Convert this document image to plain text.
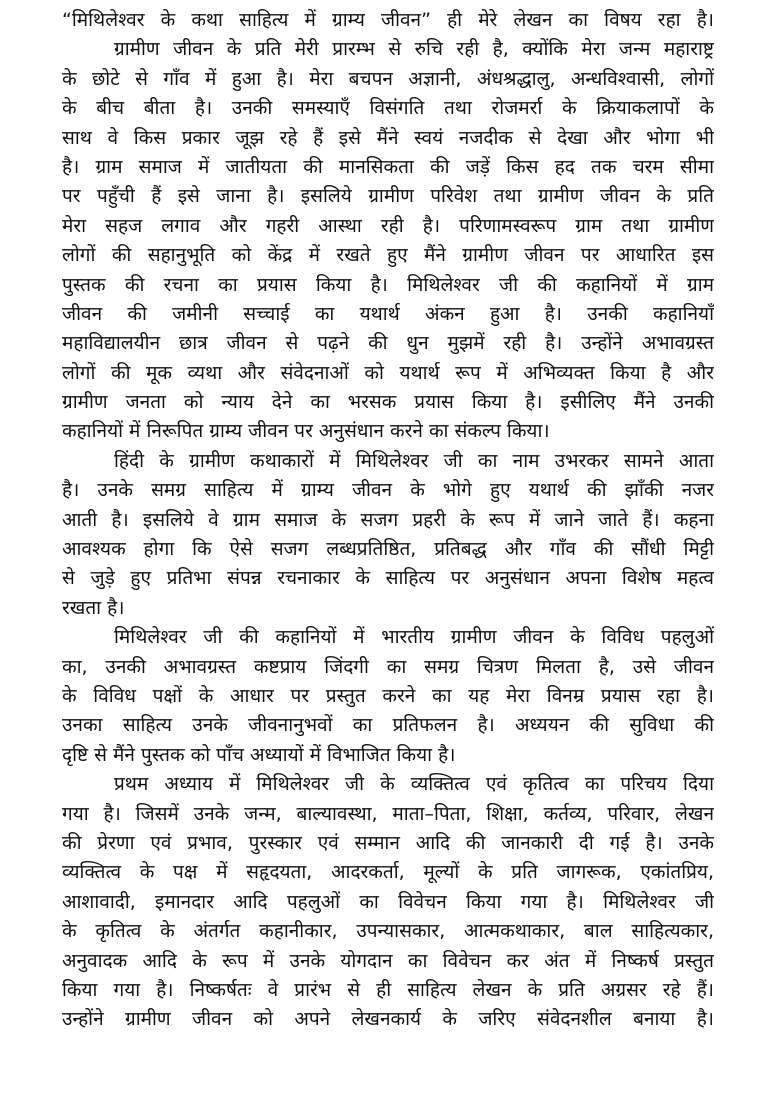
“मिथिलेश्वर के कथा साहित्य में ग्राम्य जीवन” ही मेरे लेखन का विषय रहा है।
ग्रामीण जीवन के प्रति मेरी प्रारम्भ से रुचि रही है, क्योंकि मेरा जन्म महाराष्ट्र
के छोटे से गाँव में हुआ है। मेरा बचपन अज्ञानी, अंधश्रद्धालु, अन्धविश्वासी, लोगों
के बीच बीता है। उनकी समस्याएँ विसंगति तथा रोजमर्रा के क्रियाकलापों के
साथ वे किस प्रकार जूझ रहे हैं इसे मैंने स्वयं नजदीक से देखा और भोगा भी
है। ग्राम समाज में जातीयता की मानसिकता की जड़ें किस हद तक चरम सीमा
पर पहुँची हैं इसे जाना है। इसलिये ग्रामीण परिवेश तथा ग्रामीण जीवन के प्रति
मेरा सहज लगाव और गहरी आस्था रही है। परिणामस्वरूप ग्राम तथा ग्रामीण
लोगों की सहानुभूति को केंद्र में रखते हुए मैंने ग्रामीण जीवन पर आधारित इस
पुस्तक की रचना का प्रयास किया है। मिथिलेश्वर जी की कहानियों में ग्राम
जीवन की जमीनी सच्चाई का यथार्थ अंकन हुआ है। उनकी कहानियाँ
महाविद्यालयीन छात्र जीवन से पढ़ने की धुन मुझमें रही है। उन्होंने अभावग्रस्त
लोगों की मूक व्यथा और संवेदनाओं को यथार्थ रूप में अभिव्यक्त किया है और
ग्रामीण जनता को न्याय देने का भरसक प्रयास किया है। इसीलिए मैंने उनकी
कहानियों में निरूपित ग्राम्य जीवन पर अनुसंधान करने का संकल्प किया।
हिंदी के ग्रामीण कथाकारों में मिथिलेश्वर जी का नाम उभरकर सामने आता
है। उनके समग्र साहित्य में ग्राम्य जीवन के भोगे हुए यथार्थ की झाँकी नजर
आती है। इसलिये वे ग्राम समाज के सजग प्रहरी के रूप में जाने जाते हैं। कहना
आवश्यक होगा कि ऐसे सजग लब्धप्रतिष्ठित, प्रतिबद्ध और गाँव की सौंधी मिट्टी
से जुड़े हुए प्रतिभा संपन्न रचनाकार के साहित्य पर अनुसंधान अपना विशेष महत्व
रखता है।
मिथिलेश्वर जी की कहानियों में भारतीय ग्रामीण जीवन के विविध पहलुओं
का, उनकी अभावग्रस्त कष्टप्राय जिंदगी का समग्र चित्रण मिलता है, उसे जीवन
के विविध पक्षों के आधार पर प्रस्तुत करने का यह मेरा विनम्र प्रयास रहा है।
उनका साहित्य उनके जीवनानुभवों का प्रतिफलन है। अध्ययन की सुविधा की
दृष्टि से मैंने पुस्तक को पाँच अध्यायों में विभाजित किया है।
प्रथम अध्याय में मिथिलेश्वर जी के व्यक्तित्व एवं कृतित्व का परिचय दिया
गया है। जिसमें उनके जन्म, बाल्यावस्था, माता–पिता, शिक्षा, कर्तव्य, परिवार, लेखन
की प्रेरणा एवं प्रभाव, पुरस्कार एवं सम्मान आदि की जानकारी दी गई है। उनके
व्यक्तित्व के पक्ष में सहृदयता, आदरकर्ता, मूल्यों के प्रति जागरूक, एकांतप्रिय,
आशावादी, इमानदार आदि पहलुओं का विवेचन किया गया है। मिथिलेश्वर जी
के कृतित्व के अंतर्गत कहानीकार, उपन्यासकार, आत्मकथाकार, बाल साहित्यकार,
अनुवादक आदि के रूप में उनके योगदान का विवेचन कर अंत में निष्कर्ष प्रस्तुत
किया गया है। निष्कर्षतः वे प्रारंभ से ही साहित्य लेखन के प्रति अग्रसर रहे हैं।
उन्होंने ग्रामीण जीवन को अपने लेखनकार्य के जरिए संवेदनशील बनाया है।
